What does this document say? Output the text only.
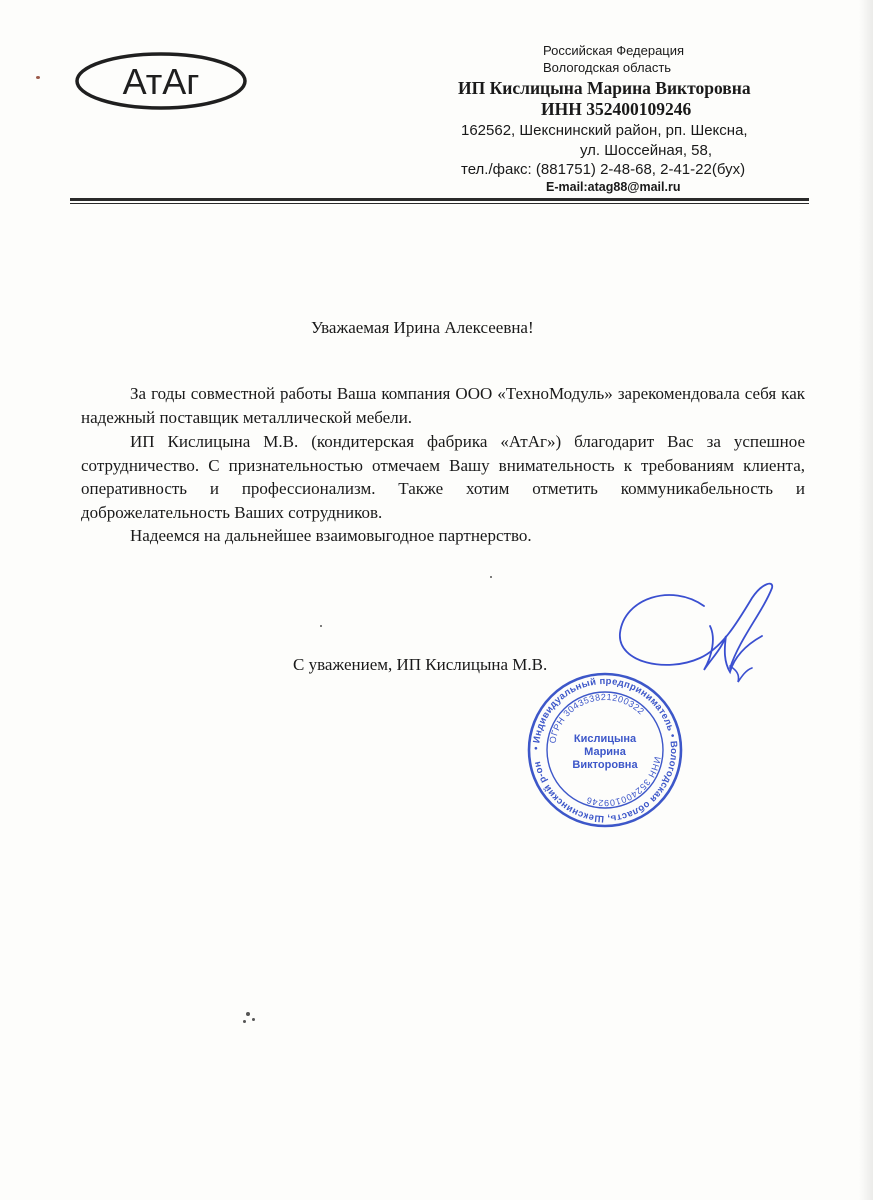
АтАг
Российская Федерация
Вологодская область
ИП Кислицына Марина Викторовна
ИНН 352400109246
162562, Шекснинский район, рп. Шексна,
ул. Шоссейная, 58,
тел./факс: (881751) 2-48-68, 2-41-22(бух)
E-mail:atag88@mail.ru
Уважаемая Ирина Алексеевна!
За годы совместной работы Ваша компания ООО «ТехноМодуль» зарекомендовала себя как надежный поставщик металлической мебели.
ИП Кислицына М.В. (кондитерская фабрика «АтАг») благодарит Вас за успешное сотрудничество. С признательностью отмечаем Вашу внимательность к требованиям клиента, оперативность и профессионализм. Также хотим отметить коммуникабельность и доброжелательность Ваших сотрудников.
Надеемся на дальнейшее взаимовыгодное партнерство.
С уважением, ИП Кислицына М.В.
• Индивидуальный предприниматель • Вологодская область, Шекснинский р-он
ОГРН 304353821200322
ИНН 352400109246
Кислицына
Марина
Викторовна
